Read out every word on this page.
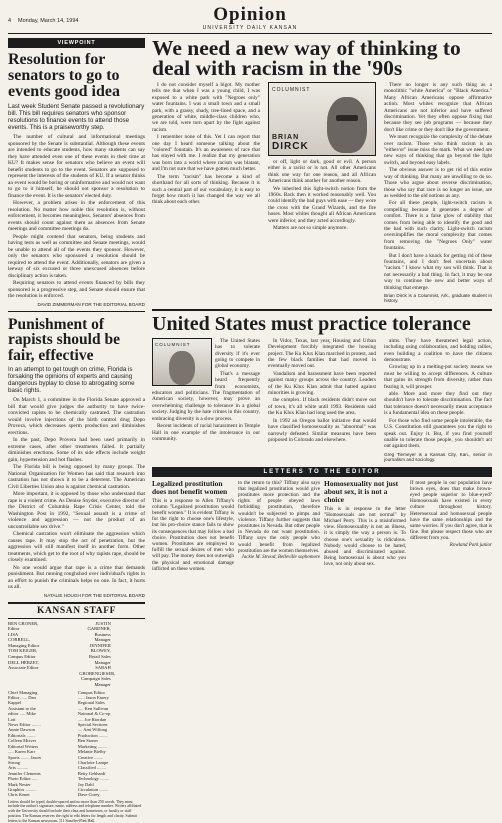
4 Monday, March 14, 1994	Opinion
UNIVERSITY DAILY KANSAN
VIEWPOINT
Resolution for senators to go to events good idea
Last week Student Senate passed a revolutionary bill. This bill requires senators who sponsor resolutions to finance events to attend those events. This is a praiseworthy step.

The number of cultural and informational meetings sponsored by the Senate is substantial. Although these events are intended to educate students, how many students can say they have attended even one of these events in their time at KU? It makes sense for senators who believe an event will benefit students to go to the event. Senators are supposed to represent the interests of the students of KU. If a senator thinks an event would be boring or uninformative and would not want to go to it himself, he should not sponsor a resolution to finance the event. It is the senators' elected duty.

However, a problem arises in the enforcement of this resolution. No matter how noble this resolution is, without enforcement, it becomes meaningless. Senators' absences from events should count against them as absences from Senate meetings and committee meetings do.

People might contend that senators, being students and having tests as well as committee and Senate meetings, would be unable to attend all of the events they sponsor. However, only the senators who sponsored a resolution should be required to attend the event. Additionally, senators are given a leeway of six excused or three unexcused absences before disciplinary action is taken.

Requiring senators to attend events financed by bills they sponsored is a progressive step, and Senate should ensure that the resolution is enforced.

DAVID ZIMMERMAN FOR THE EDITORIAL BOARD
Punishment of rapists should be fair, effective
In an attempt to get tough on crime, Florida is forsaking the opinions of experts and causing dangerous byplay to close to abrogating some basic rights.

On March 1, a committee in the Florida Senate approved a bill that would give judges the authority to have twice-convicted rapists to be chemically castrated. The castration would involve injections of the birth control drug Depo Provera, which decreases sperm production and diminishes erections.

In the past, Depo Provera had been used primarily in extreme cases, after other treatments failed. It partially diminishes erections. Some of its side effects include weight gain, hypertension and hot flashes.

The Florida bill is being opposed by many groups. The National Organization for Women has said that research into castration has not shown it to be a deterrent. The American Civil Liberties Union also is against chemical castration.

More important, it is opposed by those who understand that rape is a violent crime. As Denise Snyder, executive director of the District of Columbia Rape Crisis Center, told the Washington Post in 1992, "Sexual assault is a crime of violence and aggression — not the product of an uncontrollable sex drive."

Chemical castration won't eliminate the aggression which causes rape. It may stop the act of penetration, but the aggression will still manifest itself in another form. Other treatments, which get to the root of why rapists rape, should be closely examined.

No one would argue that rape is a crime that demands punishment. But running roughshod over individual's rights in an effort to punish the criminals helps no one. In fact, it hurts us all.

NATALIE HOUGH FOR THE EDITORIAL BOARD
KANSAN STAFF
BEN GRONER, Editor
LISA CORRELL, Managing Editor
TOM KEIGER, Campus Editor
DELL HERZET, Associate Editor
JUSTIN GARDNER, Business Manager
JENNIFER BLOWEY, Retail Sales Manager
SARAH GROBENGIESER, Campaign Sales Manager
Chief Managing Editor ...... Dan Kappel
Assistant to the editor ..... Mike Lott
News Editor ........ Annie Dawson
Editorials ........ Colleen Mciver
Editorial Writers ..... Karen Karr
Sports ........ Jason Strong
Arts .......... Jennifer Clements
Photo Editor ..... Mark Nester
Graphics .......... Chris Kenet
Campus Editor ...... Jason Emery
Regional Sales ..... Ken Sullivan
National & Co-op ..... Joe Riordan
Special Sections .... Ami Wilfong
Production ........ Ben Stoner
Marketing ........ Melanie Bielby
Creative ........ Charlotte Lampe
Classified ........ Betty Gebhardt
Technology ........ Jay Dahl
Circulation ........ Dave Corey
Letters should be typed, double-spaced and no more than 250 words. They must include the author's signature, name, address and telephone number. Writers affiliated with the University should include their class and hometown, or faculty or staff position. The Kansan reserves the right to edit letters for length and clarity. Submit letters to the Kansan newsroom, 111 Stauffer-Flint Hall.
We need a new way of thinking to deal with racism in the '90s

I do not consider myself a bigot. My mother tells me that when I was a young child, I was exposed to a white park with "Negroes only" water fountains. I was a small town and a small park, with a grassy, shady, tree-lined space, and a generation of white, middle-class children who, we are told, were torn apart by the fight against racism.

I remember none of this. Yet I can report that one day I heard someone talking about the "colored" fountain. It's an awareness of race that has stayed with me. I realize that my generation was born into a world where racism was blatant, and I'm not sure that we have gotten much better.

The term "racism" has become a kind of shorthand for all sorts of thinking. Because it is such a central part of our vocabulary, it is easy to forget how much it has changed the way we all think about each other.

COLUMNIST
BRIAN
DIRCK

or off, light or dark, good or evil. A person either is a racist or is not. All other Americans think one way for one reason, and all African Americans think another for another reason.

We inherited this light-switch notion from the 1960s. Back then it worked reasonably well. You could identify the bad guys with ease — they wore the cross with the Grand Wizards, and the fire hoses. Most whites thought all African Americans were inferior, and they acted accordingly.

Matters are not so simple anymore.

There no longer is any such thing as a monolithic "white America" or "Black America." Many African Americans oppose affirmative action. Most whites recognize that African Americans are not inferior and have suffered discrimination. Yet they often oppose fixing that because they see job programs — because they don't like crime or they don't like the government.

We must recognize the complexity of the debate over racism. Those who think racism is an "either/or" issue miss the mark. What we need are new ways of thinking that go beyond the light switch, and beyond easy labels.

The obvious answer is to get rid of this entire way of thinking. But many are unwilling to do so. Those who argue about reverse discrimination, those who say that race is no longer an issue, are as wedded to the old notions as any.

For all these people, light-switch racism is compelling because it generates a degree of comfort. There is a false glow of stability that comes from being able to identify the good and the bad with such clarity. Light-switch racism oversimplifies the moral complexity that comes from removing the "Negroes Only" water fountains.

But I don't have a knack for getting rid of these fountains, and I don't feel uncertain about "racism." I know what my son will think. That is not necessarily a bad thing. In fact, it may be one way to continue the new and better ways of thinking that emerge.

Brian Dirck is a Columnist, Ark., graduate student in history.
United States must practice tolerance
COLUMNIST

The United States has to tolerate diversity if it's ever going to compete in global economy.

That's a message heard frequently from economists, educators and politicians. The fragmentation of American society, however, may prove an overwhelming challenge to tolerance in a global society. Judging by the hate crimes in this country, embracing diversity is a slow process.

Recent incidents of racial harassment in Temple Hall in one example of the intolerance in our community.

In Vidor, Texas, last year, Housing and Urban Development forcibly integrated the housing project. The Ku Klux Klan marched in protest, and the few black families that had moved in eventually moved out.

Vandalism and harassment have been reported against many groups across the country. Leaders of the Ku Klux Klan admit that hatred against minorities is growing.

the complex. If black residents didn't move out of town, it's all white until 1993. Residents said the Ku Klux Klan had long used the area.

In 1992 an Oregon ballot initiative that would have classified homosexuality as "abnormal" was narrowly defeated. Similar measures have been proposed in Colorado and elsewhere.

aims. They have threatened legal action, including using collaboration, and holding rallies, even building a coalition to have the citizens demonstrate.

Growing up in a melting-pot society means we must be willing to accept differences. A culture that gains its strength from diversity, rather than fearing it, will prosper.

able. More and more they find out they shouldn't have to tolerate discrimination. The fact that tolerance doesn't necessarily mean acceptance is a fundamental idea on these people.

For those who find some people intolerable, the U.S. Constitution still guarantees you the right to speak out. Enjoy it. But, if you find yourself unable to tolerate those people, you shouldn't act out against them.

Greg Tiemeyer is a Kansas City, Kan., senior in journalism and sociology.
LETTERS TO THE EDITOR
Legalized prostitution does not benefit women
This is a response to Allen Tiffany's column "Legalized prostitution would benefit women." It is evident Tiffany is for the right to choose one's lifestyle, but his pro-choice stance fails to show its consequences that may follow a bad choice. Prostitution does not benefit women. Prostitutes are employed to fulfill the sexual desires of men who will pay. The money does not outweigh the physical and emotional damage inflicted on these women.
to the return to this? Tiffany also says that legalized prostitution would give prostitutes more protection and the rights of people obeyed laws forbidding prostitution, therefore wouldn't be subjected to pimps and violence. Tiffany further suggests that prostitutes in Nevada. But other people in Nevada do not want prostitution. Tiffany says the only people who would benefit from legalized prostitution are the women themselves.
Jackie M. Strood, Belleville sophomore
Homosexuality not just about sex, it is not a choice
This is in response to the letter "Homosexuals are not normal" by Michael Perry. This is a misinformed view. Homosexuality is not an illness, it is simply the way a person is. To choose one's sexuality is ridiculous. Nobody would choose to be hated, abused and discriminated against. Being homosexual is about who you love, not only about sex.
If most people in our population have brown eyes, does that make brown-eyed people superior to blue-eyed? Homosexuals have existed in every culture throughout history. Heterosexual and homosexual people have the same relationships and the same worries. If you don't agree, that is fine. But please respect those who are different from you.
Rowland Park junior
